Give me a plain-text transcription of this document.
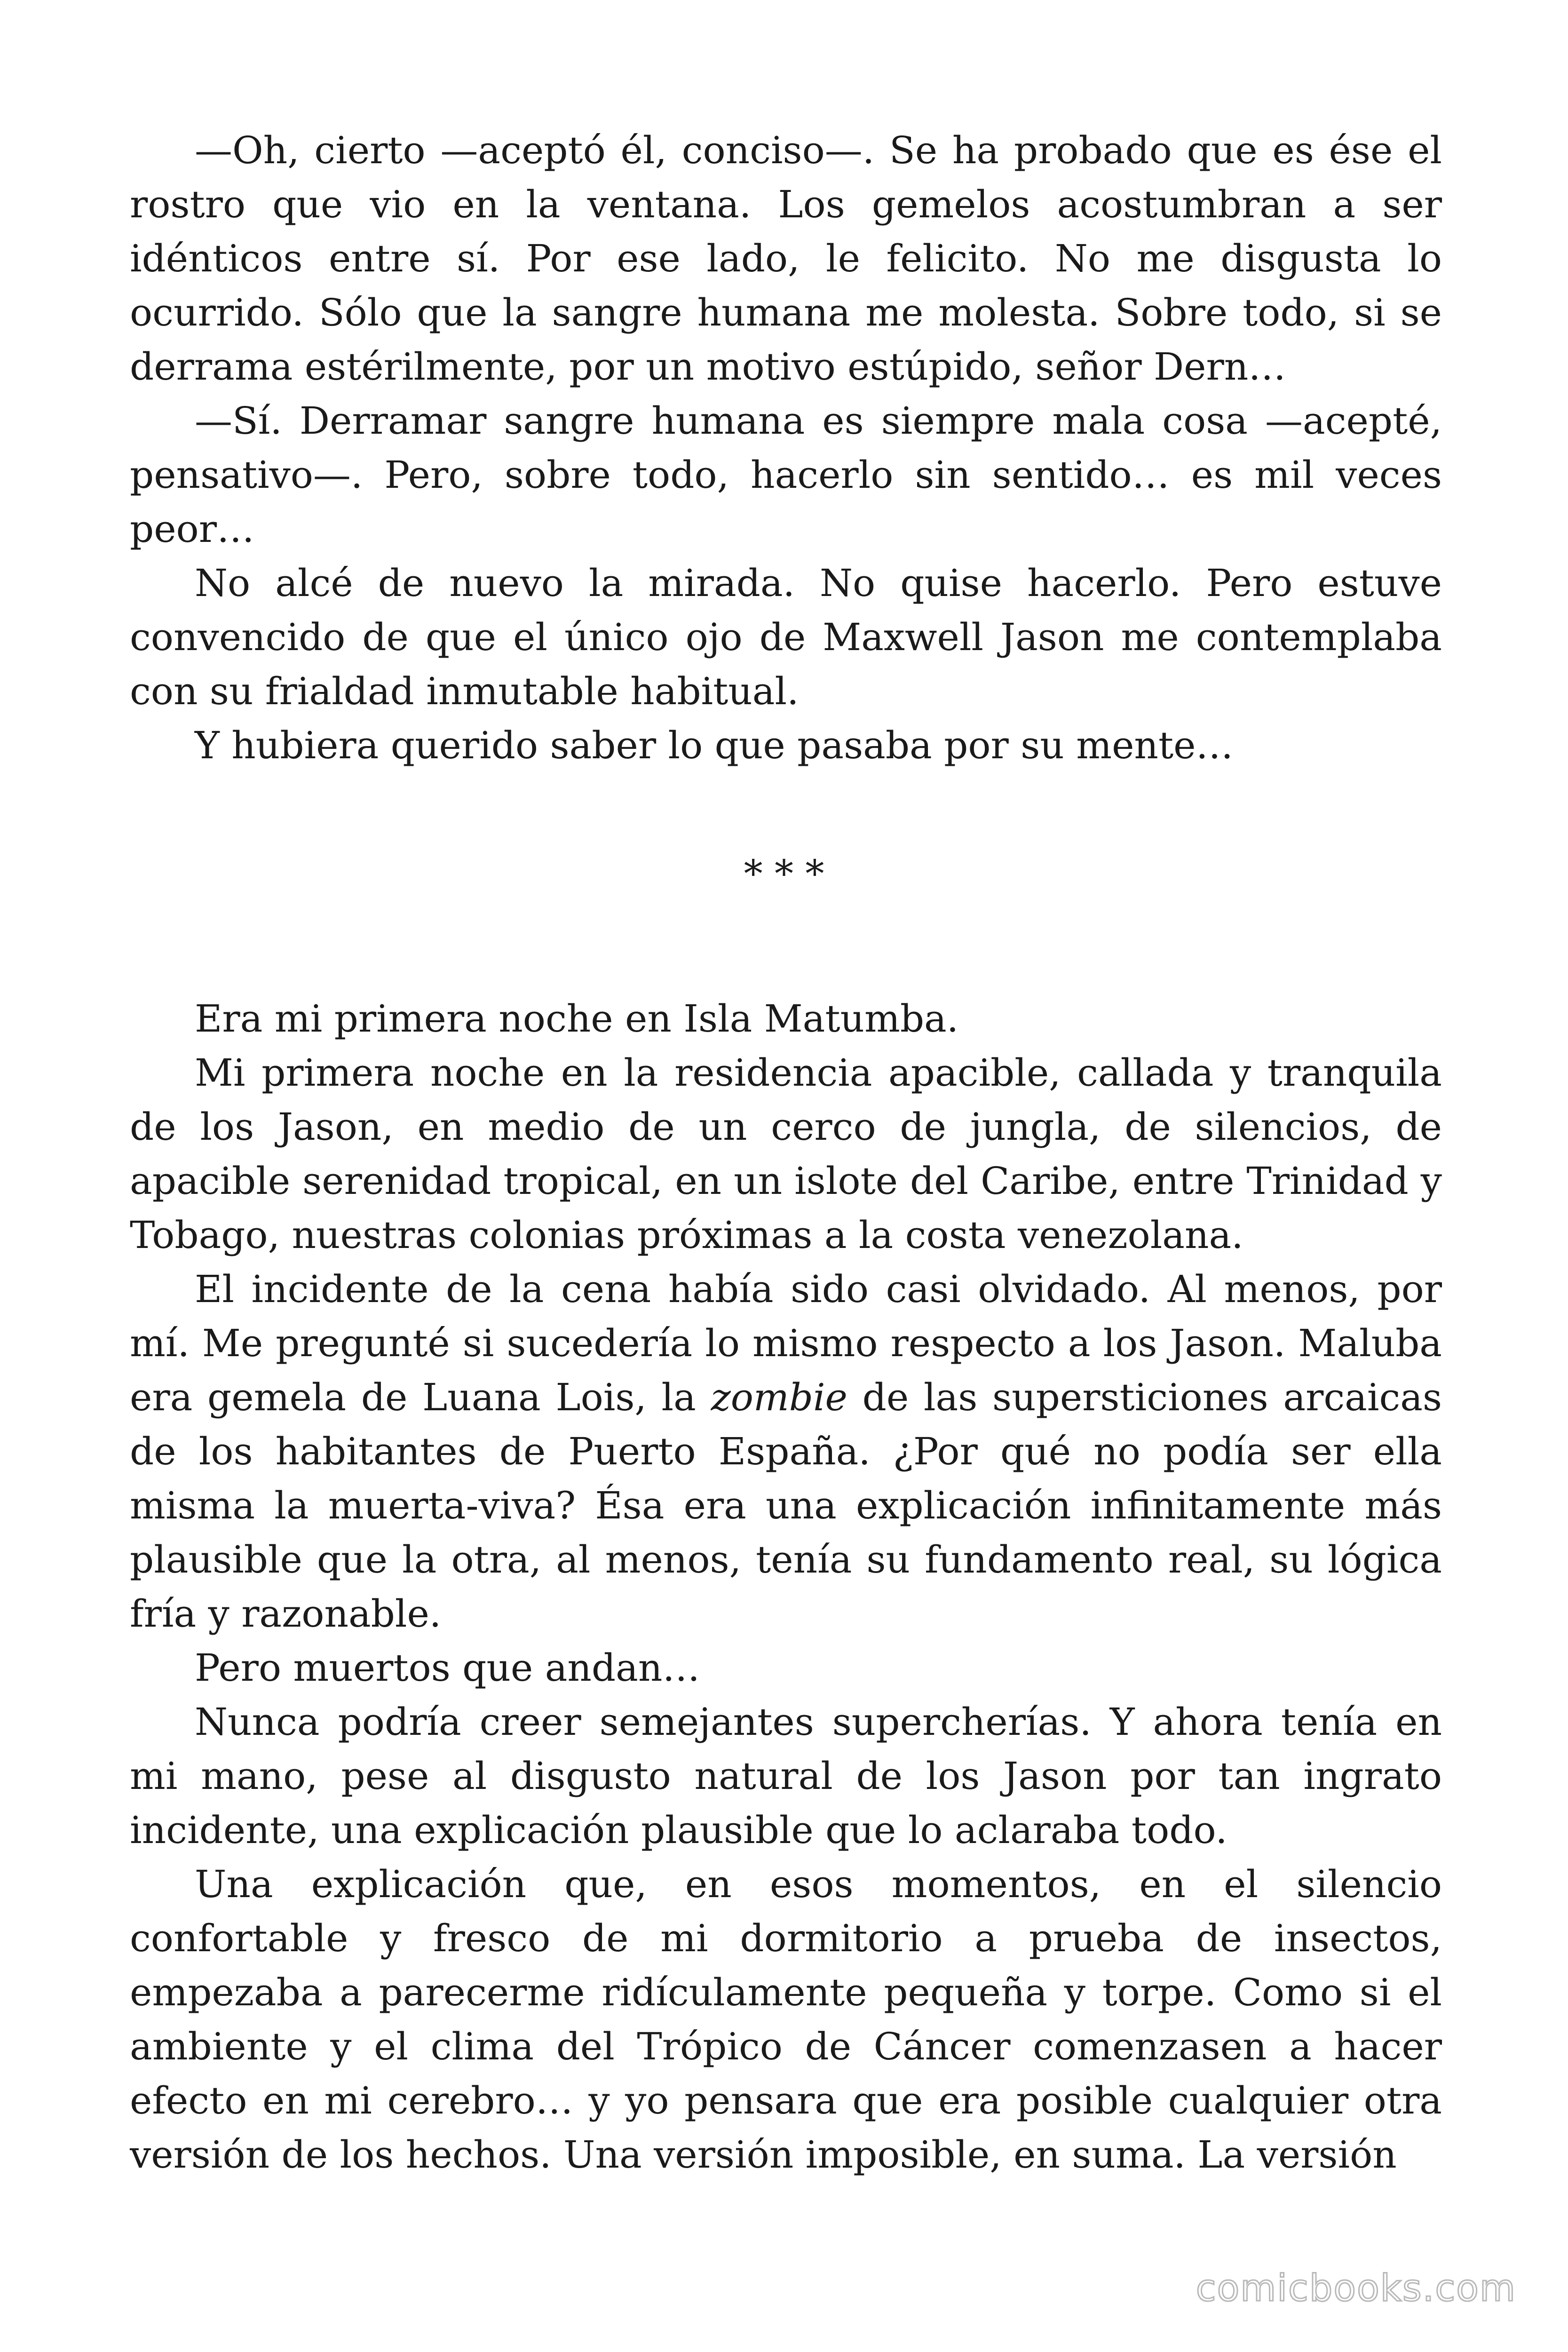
—Oh, cierto —aceptó él, conciso—. Se ha probado que es ése el rostro que vio en la ventana. Los gemelos acostumbran a ser idénticos entre sí. Por ese lado, le felicito. No me disgusta lo ocurrido. Sólo que la sangre humana me molesta. Sobre todo, si se derrama estérilmente, por un motivo estúpido, señor Dern…

—Sí. Derramar sangre humana es siempre mala cosa —acepté, pensativo—. Pero, sobre todo, hacerlo sin sentido… es mil veces peor…

No alcé de nuevo la mirada. No quise hacerlo. Pero estuve convencido de que el único ojo de Maxwell Jason me contemplaba con su frialdad inmutable habitual.

Y hubiera querido saber lo que pasaba por su mente…

* * *

Era mi primera noche en Isla Matumba.

Mi primera noche en la residencia apacible, callada y tranquila de los Jason, en medio de un cerco de jungla, de silencios, de apacible serenidad tropical, en un islote del Caribe, entre Trinidad y Tobago, nuestras colonias próximas a la costa venezolana.

El incidente de la cena había sido casi olvidado. Al menos, por mí. Me pregunté si sucedería lo mismo respecto a los Jason. Maluba era gemela de Luana Lois, la zombie de las supersticiones arcaicas de los habitantes de Puerto España. ¿Por qué no podía ser ella misma la muerta-viva? Ésa era una explicación infinitamente más plausible que la otra, al menos, tenía su fundamento real, su lógica fría y razonable.

Pero muertos que andan…

Nunca podría creer semejantes supercherías. Y ahora tenía en mi mano, pese al disgusto natural de los Jason por tan ingrato incidente, una explicación plausible que lo aclaraba todo.

Una explicación que, en esos momentos, en el silencio confortable y fresco de mi dormitorio a prueba de insectos, empezaba a parecerme ridículamente pequeña y torpe. Como si el ambiente y el clima del Trópico de Cáncer comenzasen a hacer efecto en mi cerebro… y yo pensara que era posible cualquier otra versión de los hechos. Una versión imposible, en suma. La versión

comicbooks.com
